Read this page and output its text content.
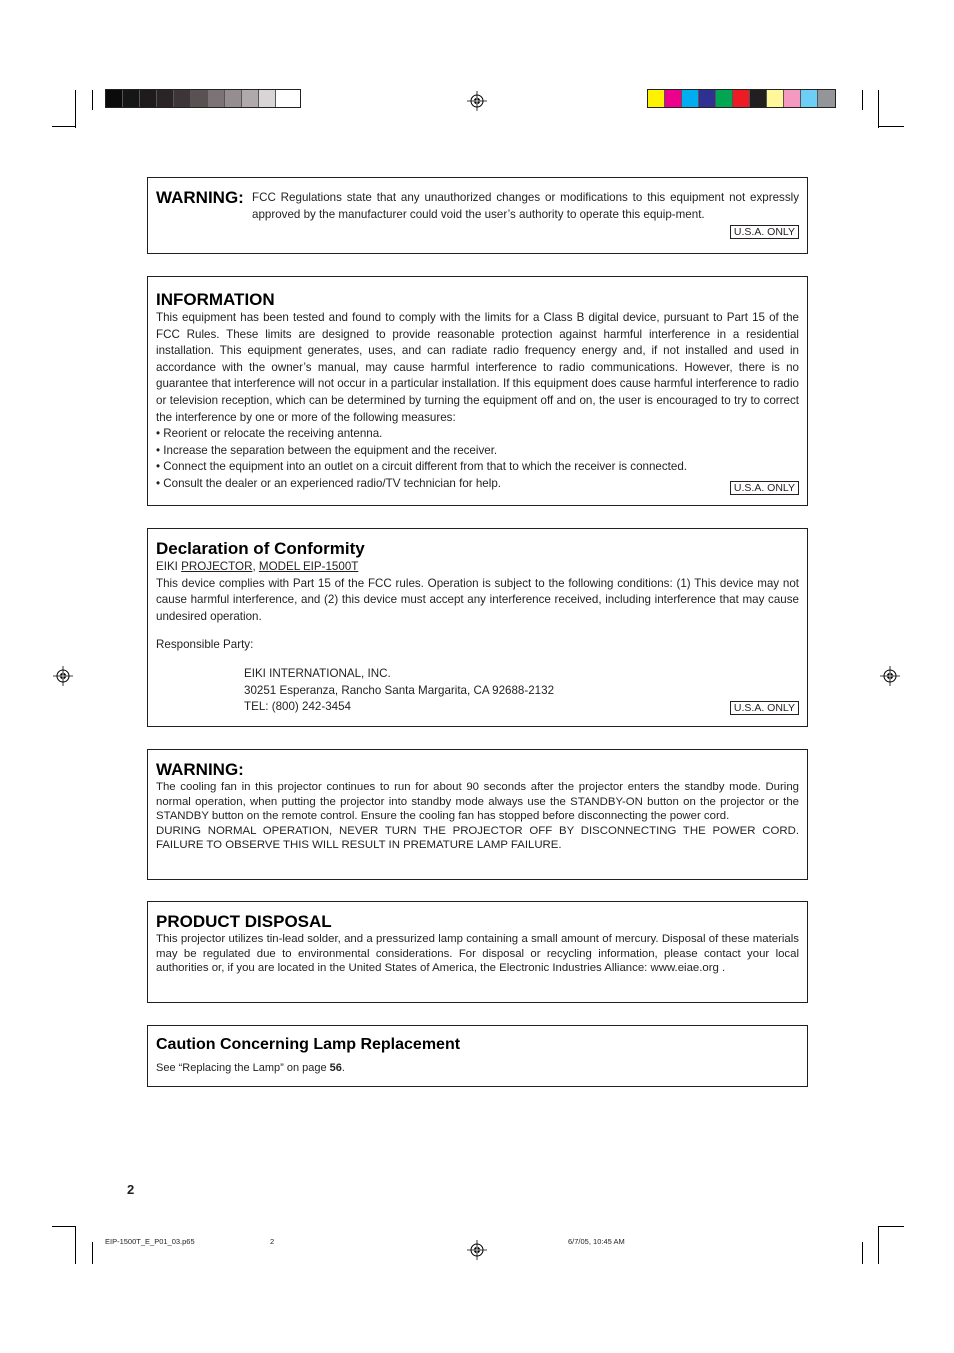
WARNING: FCC Regulations state that any unauthorized changes or modifications to this equipment not expressly approved by the manufacturer could void the user’s authority to operate this equip-ment.

U.S.A. ONLY
INFORMATION

This equipment has been tested and found to comply with the limits for a Class B digital device, pursuant to Part 15 of the FCC Rules. These limits are designed to provide reasonable protection against harmful interference in a residential installation. This equipment generates, uses, and can radiate radio frequency energy and, if not installed and used in accordance with the owner’s manual, may cause harmful interference to radio communications. However, there is no guarantee that interference will not occur in a particular installation. If this equipment does cause harmful interference to radio or television reception, which can be determined by turning the equipment off and on, the user is encouraged to try to correct the interference by one or more of the following measures:

• Reorient or relocate the receiving antenna.

• Increase the separation between the equipment and the receiver.

• Connect the equipment into an outlet on a circuit different from that to which the receiver is connected.

• Consult the dealer or an experienced radio/TV technician for help.	U.S.A. ONLY
Declaration of Conformity

EIKI PROJECTOR, MODEL EIP-1500T

This device complies with Part 15 of the FCC rules. Operation is subject to the following conditions: (1) This device may not cause harmful interference, and (2) this device must accept any interference received, including interference that may cause undesired operation.

Responsible Party:

EIKI INTERNATIONAL, INC.

30251 Esperanza, Rancho Santa Margarita, CA 92688-2132

TEL: (800) 242-3454	U.S.A. ONLY
WARNING:

The cooling fan in this projector continues to run for about 90 seconds after the projector enters the standby mode. During normal operation, when putting the projector into standby mode always use the STANDBY-ON button on the projector or the STANDBY button on the remote control. Ensure the cooling fan has stopped before disconnecting the power cord.

DURING NORMAL OPERATION, NEVER TURN THE PROJECTOR OFF BY DISCONNECTING THE POWER CORD. FAILURE TO OBSERVE THIS WILL RESULT IN PREMATURE LAMP FAILURE.

PRODUCT DISPOSAL

This projector utilizes tin-lead solder, and a pressurized lamp containing a small amount of mercury. Disposal of these materials may be regulated due to environmental considerations. For disposal or recycling information, please contact your local authorities or, if you are located in the United States of America, the Electronic Industries Alliance: www.eiae.org .

Caution Concerning Lamp Replacement

See “Replacing the Lamp” on page 56.

2
EIP-1500T_E_P01_03.p65	2	6/7/05, 10:45 AM
